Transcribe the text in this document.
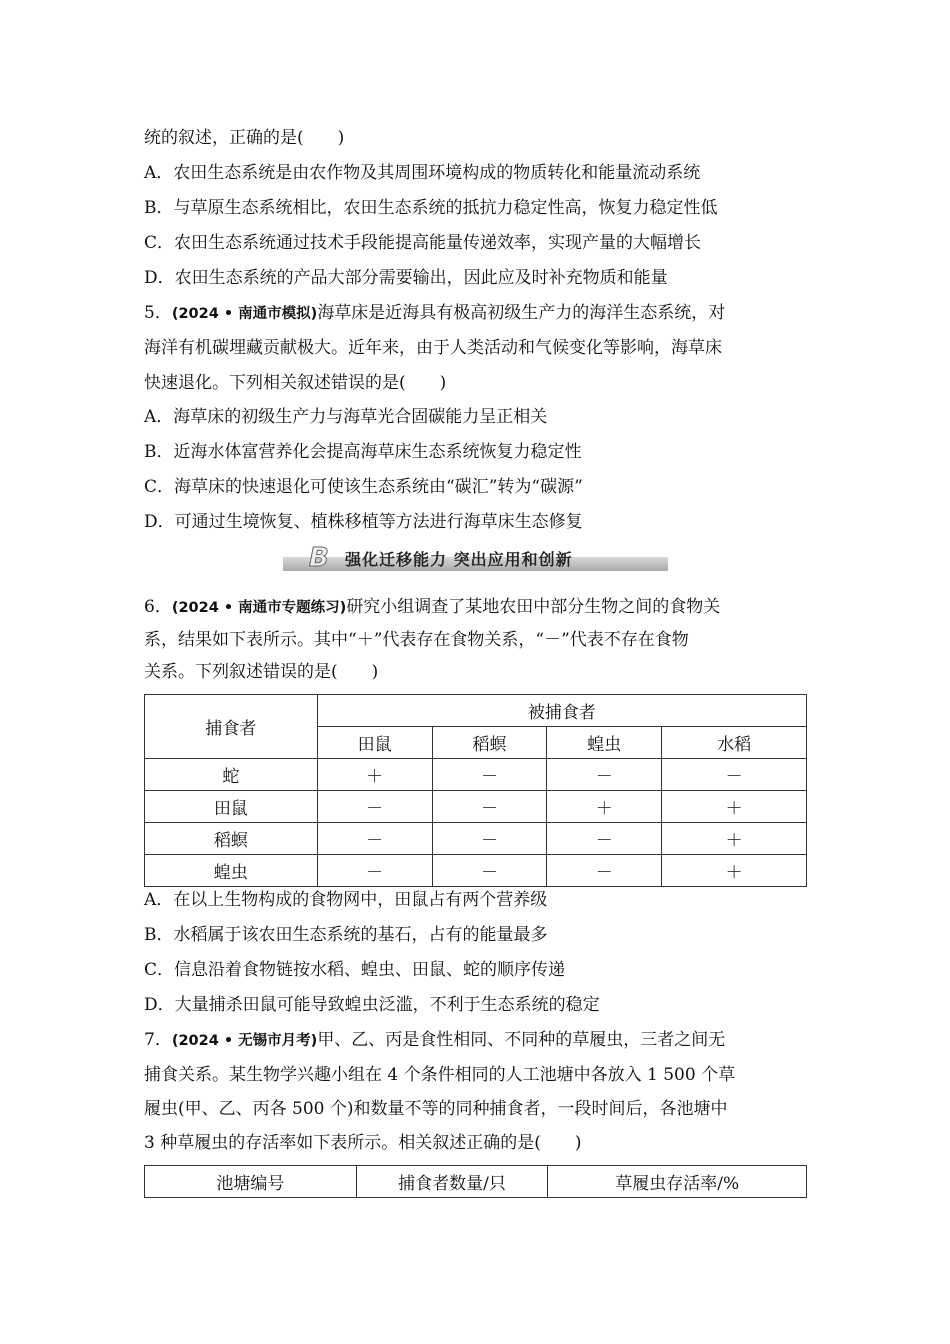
统的叙述，正确的是(　　)
A．农田生态系统是由农作物及其周围环境构成的物质转化和能量流动系统
B．与草原生态系统相比，农田生态系统的抵抗力稳定性高，恢复力稳定性低
C．农田生态系统通过技术手段能提高能量传递效率，实现产量的大幅增长
D．农田生态系统的产品大部分需要输出，因此应及时补充物质和能量
5．(2024 • 南通市模拟)海草床是近海具有极高初级生产力的海洋生态系统，对
海洋有机碳埋藏贡献极大。近年来，由于人类活动和气候变化等影响，海草床
快速退化。下列相关叙述错误的是(　　)
A．海草床的初级生产力与海草光合固碳能力呈正相关
B．近海水体富营养化会提高海草床生态系统恢复力稳定性
C．海草床的快速退化可使该生态系统由“碳汇”转为“碳源”
D．可通过生境恢复、植株移植等方法进行海草床生态修复
B 强化迁移能力 突出应用和创新
6．(2024 • 南通市专题练习)研究小组调查了某地农田中部分生物之间的食物关
系，结果如下表所示。其中“＋”代表存在食物关系，“－”代表不存在食物
关系。下列叙述错误的是(　　)
捕食者	被捕食者			
	田鼠	稻螟	蝗虫	水稻
蛇	＋	－	－	－
田鼠	－	－	＋	＋
稻螟	－	－	－	＋
蝗虫	－	－	－	＋
A．在以上生物构成的食物网中，田鼠占有两个营养级
B．水稻属于该农田生态系统的基石，占有的能量最多
C．信息沿着食物链按水稻、蝗虫、田鼠、蛇的顺序传递
D．大量捕杀田鼠可能导致蝗虫泛滥，不利于生态系统的稳定
7．(2024 • 无锡市月考)甲、乙、丙是食性相同、不同种的草履虫，三者之间无
捕食关系。某生物学兴趣小组在 4 个条件相同的人工池塘中各放入 1 500 个草
履虫(甲、乙、丙各 500 个)和数量不等的同种捕食者，一段时间后，各池塘中
3 种草履虫的存活率如下表所示。相关叙述正确的是(　　)
池塘编号	捕食者数量/只	草履虫存活率/%
